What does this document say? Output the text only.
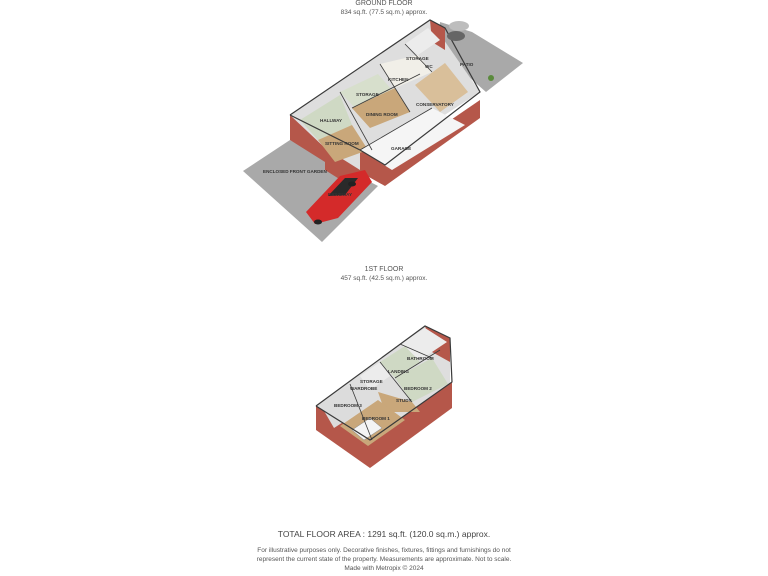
GROUND FLOOR
834 sq.ft. (77.5 sq.m.) approx.
1ST FLOOR
457 sq.ft. (42.5 sq.m.) approx.
STORAGE
WC	PATIO
KITCHEN
STORAGE
CONSERVATORY
HALLWAY
DINING ROOM
SITTING ROOM
GARAGE
ENCLOSED FRONT GARDEN
DRIVEWAY
BATHROOM
LANDING
STORAGE
WARDROBE	BEDROOM 2
STUDY
BEDROOM 3
BEDROOM 1
TOTAL FLOOR AREA : 1291 sq.ft. (120.0 sq.m.) approx.
For illustrative purposes only. Decorative finishes, fixtures, fittings and furnishings do not
represent the current state of the property. Measurements are approximate. Not to scale.
Made with Metropix © 2024
